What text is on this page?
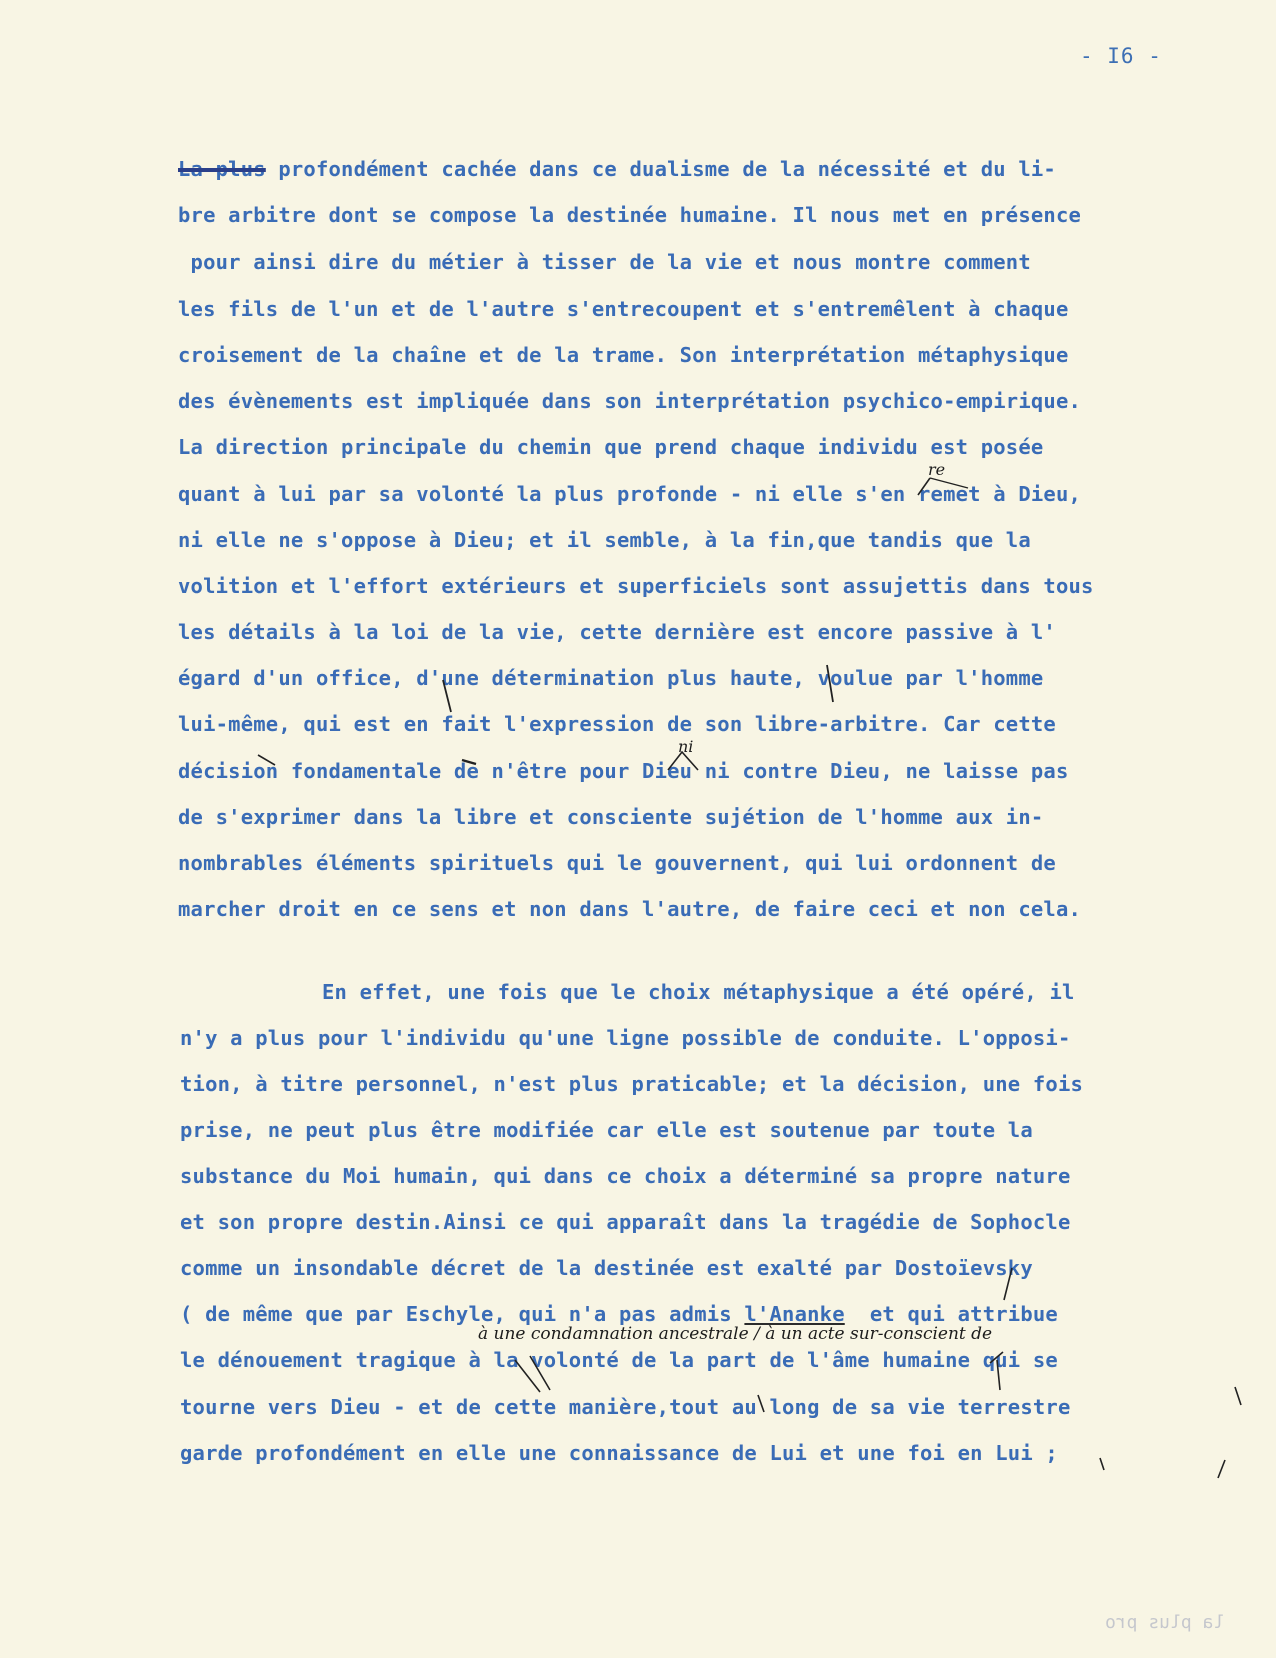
- I6 -

La plus profondément cachée dans ce dualisme de la nécessité et du li-

bre arbitre dont se compose la destinée humaine. Il nous met en présence

pour ainsi dire du métier à tisser de la vie et nous montre comment

les fils de l'un et de l'autre s'entrecoupent et s'entremêlent à chaque

croisement de la chaîne et de la trame. Son interprétation métaphysique

des évènements est impliquée dans son interprétation psychico-empirique.

La direction principale du chemin que prend chaque individu est posée

quant à lui par sa volonté la plus profonde - ni elle s'en remet à Dieu,

ni elle ne s'oppose à Dieu; et il semble, à la fin,que tandis que la

volition et l'effort extérieurs et superficiels sont assujettis dans tous

les détails à la loi de la vie, cette dernière est encore passive à l'

égard d'un office, d'une détermination plus haute, voulue par l'homme

lui-même, qui est en fait l'expression de son libre-arbitre. Car cette

décision fondamentale de n'être pour Dieu ni contre Dieu, ne laisse pas

de s'exprimer dans la libre et consciente sujétion de l'homme aux in-

nombrables éléments spirituels qui le gouvernent, qui lui ordonnent de

marcher droit en ce sens et non dans l'autre, de faire ceci et non cela.

En effet, une fois que le choix métaphysique a été opéré, il

n'y a plus pour l'individu qu'une ligne possible de conduite. L'opposi-

tion, à titre personnel, n'est plus praticable; et la décision, une fois

prise, ne peut plus être modifiée car elle est soutenue par toute la

substance du Moi humain, qui dans ce choix a déterminé sa propre nature

et son propre destin.Ainsi ce qui apparaît dans la tragédie de Sophocle

comme un insondable décret de la destinée est exalté par Dostoïevsky

( de même que par Eschyle, qui n'a pas admis l'Ananke  et qui attribue

le dénouement tragique à la volonté de la part de l'âme humaine qui se

tourne vers Dieu - et de cette manière,tout au long de sa vie terrestre

garde profondément en elle une connaissance de Lui et une foi en Lui ;

re
ni
à une condamnation ancestrale / à un acte sur-conscient de
la plus pro
